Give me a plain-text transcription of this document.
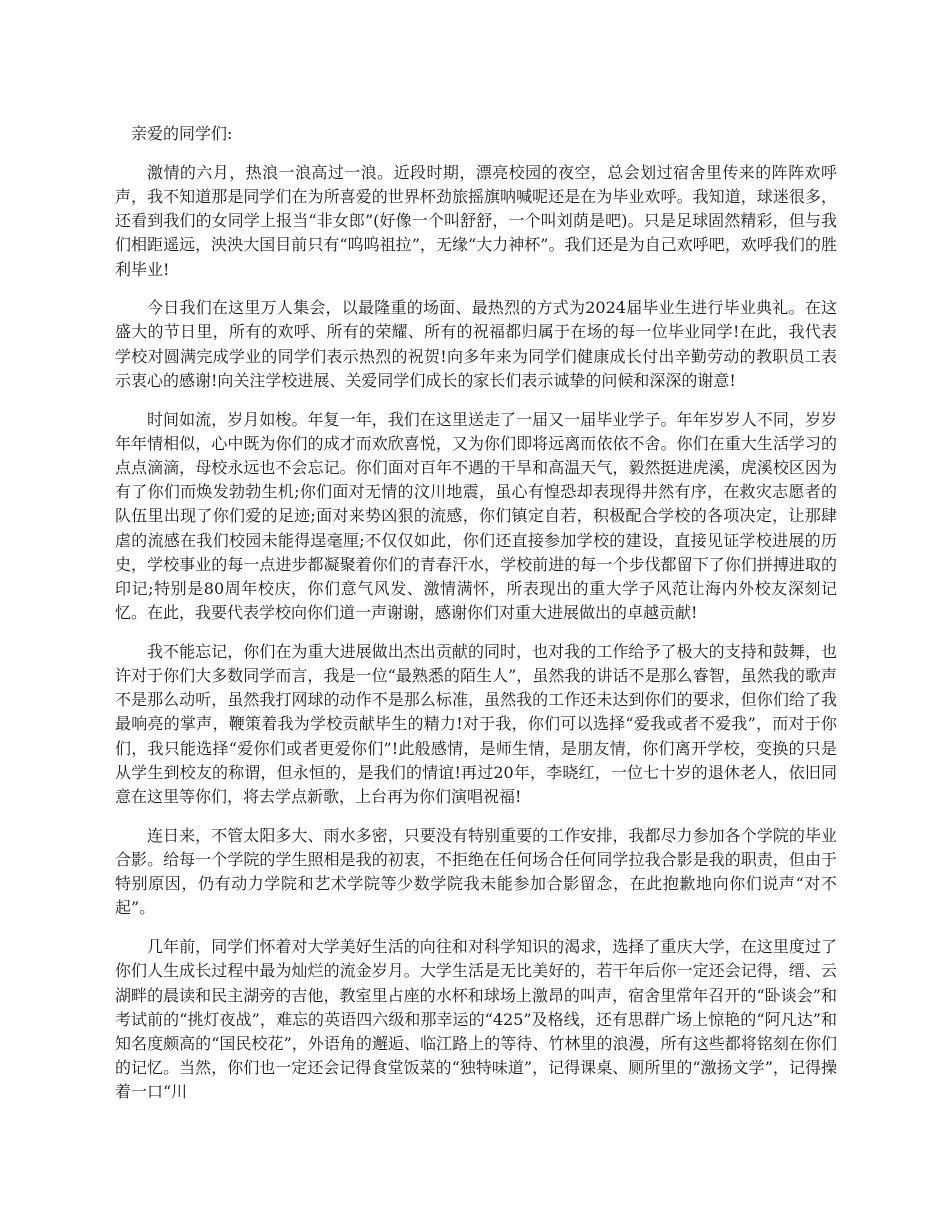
亲爱的同学们:

激情的六月，热浪一浪高过一浪。近段时期，漂亮校园的夜空，总会划过宿舍里传来的阵阵欢呼声，我不知道那是同学们在为所喜爱的世界杯劲旅摇旗呐喊呢还是在为毕业欢呼。我知道，球迷很多，还看到我们的女同学上报当“非女郎”(好像一个叫舒舒，一个叫刘荫是吧)。只是足球固然精彩，但与我们相距遥远，泱泱大国目前只有“呜呜祖拉”，无缘“大力神杯”。我们还是为自己欢呼吧，欢呼我们的胜利毕业!

今日我们在这里万人集会，以最隆重的场面、最热烈的方式为2024届毕业生进行毕业典礼。在这盛大的节日里，所有的欢呼、所有的荣耀、所有的祝福都归属于在场的每一位毕业同学!在此，我代表学校对圆满完成学业的同学们表示热烈的祝贺!向多年来为同学们健康成长付出辛勤劳动的教职员工表示衷心的感谢!向关注学校进展、关爱同学们成长的家长们表示诚挚的问候和深深的谢意!

时间如流，岁月如梭。年复一年，我们在这里送走了一届又一届毕业学子。年年岁岁人不同，岁岁年年情相似，心中既为你们的成才而欢欣喜悦，又为你们即将远离而依依不舍。你们在重大生活学习的点点滴滴，母校永远也不会忘记。你们面对百年不遇的干旱和高温天气，毅然挺进虎溪，虎溪校区因为有了你们而焕发勃勃生机;你们面对无情的汶川地震，虽心有惶恐却表现得井然有序，在救灾志愿者的队伍里出现了你们爱的足迹;面对来势凶狠的流感，你们镇定自若，积极配合学校的各项决定，让那肆虐的流感在我们校园未能得逞毫厘;不仅仅如此，你们还直接参加学校的建设，直接见证学校进展的历史，学校事业的每一点进步都凝聚着你们的青春汗水，学校前进的每一个步伐都留下了你们拼搏进取的印记;特别是80周年校庆，你们意气风发、激情满怀，所表现出的重大学子风范让海内外校友深刻记忆。在此，我要代表学校向你们道一声谢谢，感谢你们对重大进展做出的卓越贡献!

我不能忘记，你们在为重大进展做出杰出贡献的同时，也对我的工作给予了极大的支持和鼓舞，也许对于你们大多数同学而言，我是一位“最熟悉的陌生人”，虽然我的讲话不是那么睿智，虽然我的歌声不是那么动听，虽然我打网球的动作不是那么标准，虽然我的工作还未达到你们的要求，但你们给了我最响亮的掌声，鞭策着我为学校贡献毕生的精力!对于我，你们可以选择“爱我或者不爱我”，而对于你们，我只能选择“爱你们或者更爱你们”!此般感情，是师生情，是朋友情，你们离开学校，变换的只是从学生到校友的称谓，但永恒的，是我们的情谊!再过20年，李晓红，一位七十岁的退休老人，依旧同意在这里等你们，将去学点新歌，上台再为你们演唱祝福!

连日来，不管太阳多大、雨水多密，只要没有特别重要的工作安排，我都尽力参加各个学院的毕业合影。给每一个学院的学生照相是我的初衷，不拒绝在任何场合任何同学拉我合影是我的职责，但由于特别原因，仍有动力学院和艺术学院等少数学院我未能参加合影留念，在此抱歉地向你们说声“对不起”。

几年前，同学们怀着对大学美好生活的向往和对科学知识的渴求，选择了重庆大学，在这里度过了你们人生成长过程中最为灿烂的流金岁月。大学生活是无比美好的，若干年后你一定还会记得，缙、云湖畔的晨读和民主湖旁的吉他，教室里占座的水杯和球场上激昂的叫声，宿舍里常年召开的“卧谈会”和考试前的“挑灯夜战”，难忘的英语四六级和那幸运的“425”及格线，还有思群广场上惊艳的“阿凡达”和知名度颇高的“国民校花”，外语角的邂逅、临江路上的等待、竹林里的浪漫，所有这些都将铭刻在你们的记忆。当然，你们也一定还会记得食堂饭菜的“独特味道”，记得课桌、厕所里的“激扬文学”，记得操着一口“川
